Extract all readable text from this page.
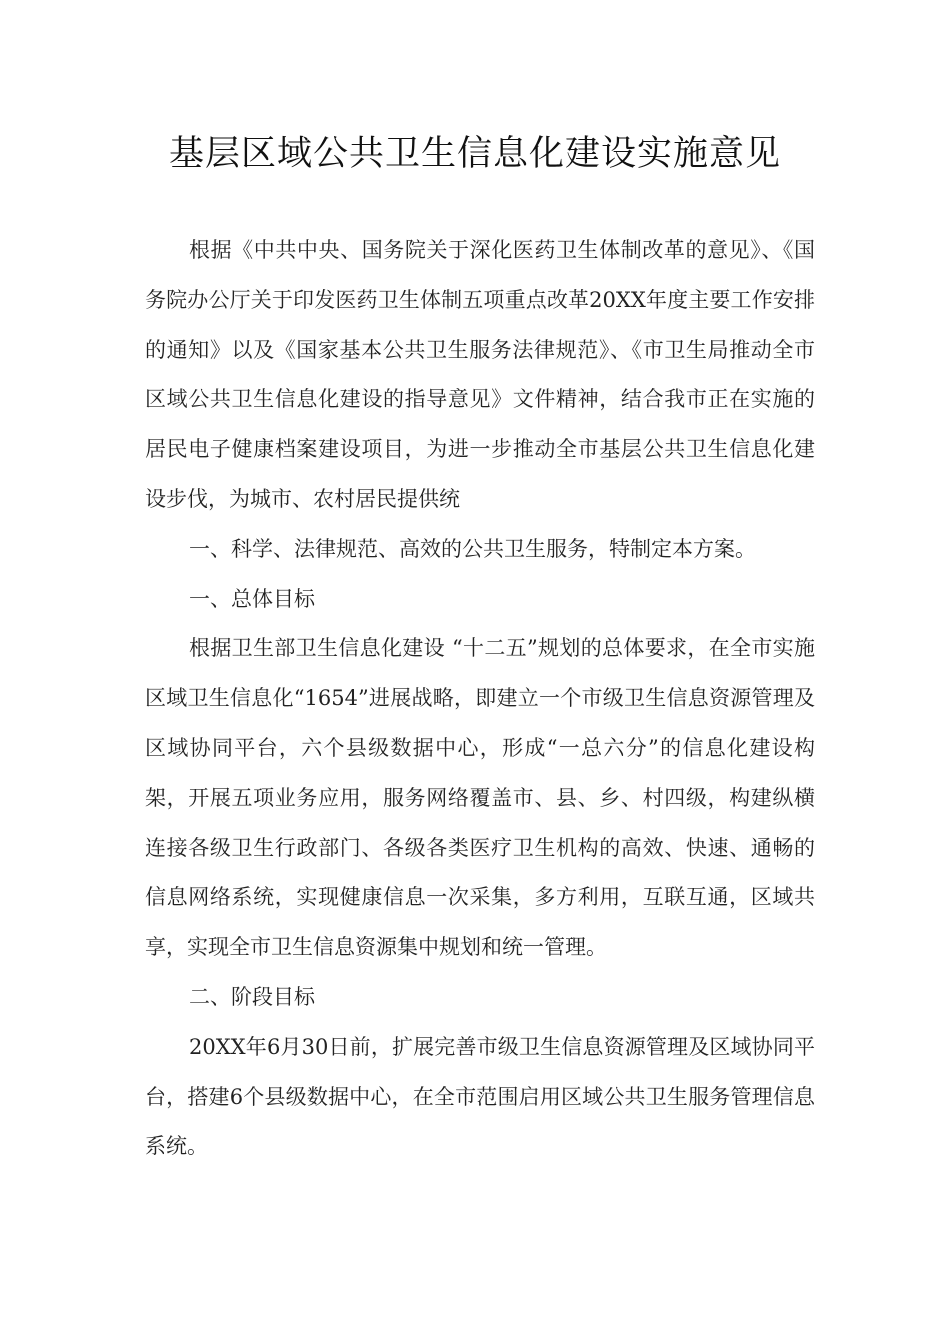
基层区域公共卫生信息化建设实施意见

根据《中共中央、国务院关于深化医药卫生体制改革的意见》、《国务院办公厅关于印发医药卫生体制五项重点改革20XX年度主要工作安排的通知》以及《国家基本公共卫生服务法律规范》、《市卫生局推动全市区域公共卫生信息化建设的指导意见》文件精神，结合我市正在实施的居民电子健康档案建设项目，为进一步推动全市基层公共卫生信息化建设步伐，为城市、农村居民提供统

一、科学、法律规范、高效的公共卫生服务，特制定本方案。

一、总体目标

根据卫生部卫生信息化建设 “十二五”规划的总体要求，在全市实施区域卫生信息化“1654”进展战略，即建立一个市级卫生信息资源管理及区域协同平台，六个县级数据中心，形成“一总六分”的信息化建设构架，开展五项业务应用，服务网络覆盖市、县、乡、村四级，构建纵横连接各级卫生行政部门、各级各类医疗卫生机构的高效、快速、通畅的信息网络系统，实现健康信息一次采集，多方利用，互联互通，区域共享，实现全市卫生信息资源集中规划和统一管理。

二、阶段目标

20XX年6月30日前，扩展完善市级卫生信息资源管理及区域协同平台，搭建6个县级数据中心，在全市范围启用区域公共卫生服务管理信息系统。
